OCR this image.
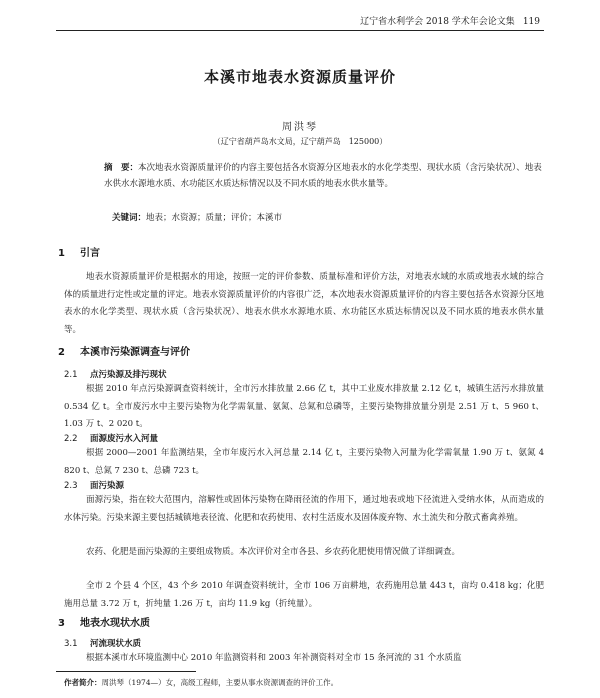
辽宁省水利学会 2018 学术年会论文集 119
本溪市地表水资源质量评价
周洪琴
（辽宁省葫芦岛水文局，辽宁葫芦岛　125000）
摘　要：本次地表水资源质量评价的内容主要包括各水资源分区地表水的水化学类型、现状水质（含污染状况）、地表水供水水源地水质、水功能区水质达标情况以及不同水质的地表水供水量等。
关键词：地表；水资源；质量；评价；本溪市
1 引言
地表水资源质量评价是根据水的用途，按照一定的评价参数、质量标准和评价方法，对地表水域的水质或地表水域的综合体的质量进行定性或定量的评定。地表水资源质量评价的内容很广泛，本次地表水资源质量评价的内容主要包括各水资源分区地表水的水化学类型、现状水质（含污染状况）、地表水供水水源地水质、水功能区水质达标情况以及不同水质的地表水供水量等。
2 本溪市污染源调查与评价
2.1 点污染源及排污现状
根据 2010 年点污染源调查资料统计，全市污水排放量 2.66 亿 t，其中工业废水排放量 2.12 亿 t，城镇生活污水排放量 0.534 亿 t。全市废污水中主要污染物为化学需氧量、氨氮、总氮和总磷等，主要污染物排放量分别是 2.51 万 t、5 960 t、1.03 万 t、2 020 t。
2.2 面源废污水入河量
根据 2000—2001 年监测结果，全市年废污水入河总量 2.14 亿 t，主要污染物入河量为化学需氧量 1.90 万 t、氨氮 4 820 t、总氮 7 230 t、总磷 723 t。
2.3 面污染源
面源污染，指在较大范围内，溶解性或固体污染物在降雨径流的作用下，通过地表或地下径流进入受纳水体，从而造成的水体污染。污染来源主要包括城镇地表径流、化肥和农药使用、农村生活废水及固体废弃物、水土流失和分散式畜禽养殖。
农药、化肥是面污染源的主要组成物质。本次评价对全市各县、乡农药化肥使用情况做了详细调查。
全市 2 个县 4 个区，43 个乡 2010 年调查资料统计，全市 106 万亩耕地，农药施用总量 443 t，亩均 0.418 kg；化肥施用总量 3.72 万 t，折纯量 1.26 万 t，亩均 11.9 kg（折纯量）。
3 地表水现状水质
3.1 河流现状水质
根据本溪市水环境监测中心 2010 年监测资料和 2003 年补测资料对全市 15 条河流的 31 个水质监
作者简介：周洪琴（1974—）女，高级工程师，主要从事水资源调查的评价工作。
